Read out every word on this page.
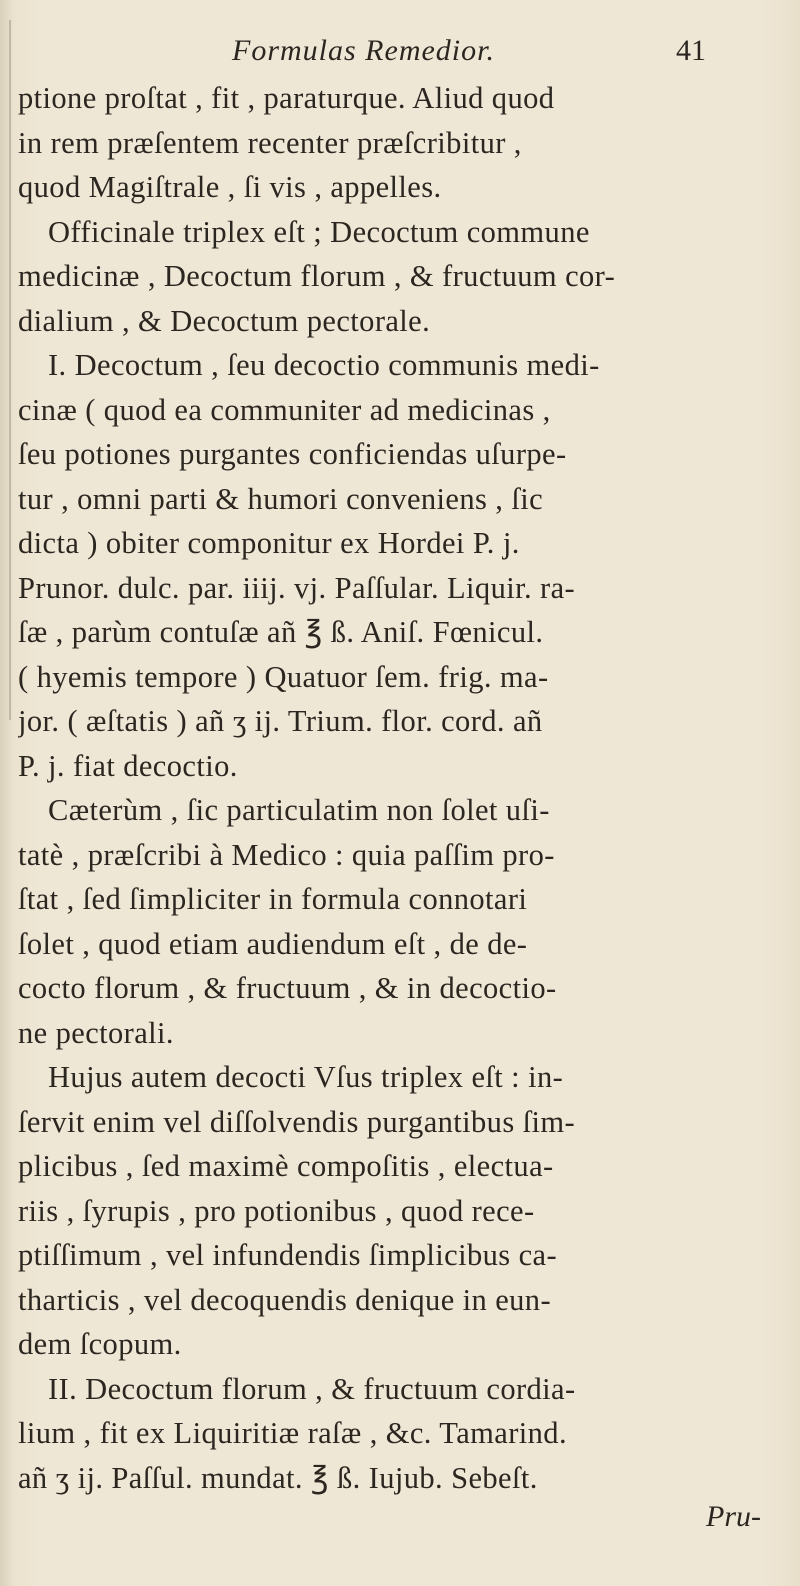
Formulas Remedior.	41
ptione proſtat , fit , paraturque. Aliud quod
in rem præſentem recenter præſcribitur ,
quod Magiſtrale , ſi vis , appelles.
Officinale triplex eſt ; Decoctum commune
medicinæ , Decoctum florum , & fructuum cor-
dialium , & Decoctum pectorale.
I. Decoctum , ſeu decoctio communis medi-
cinæ ( quod ea communiter ad medicinas ,
ſeu potiones purgantes conficiendas uſurpe-
tur , omni parti & humori conveniens , ſic
dicta ) obiter componitur ex Hordei P. j.
Prunor. dulc. par. iiij. vj. Paſſular. Liquir. ra-
ſæ , parùm contuſæ añ ℥ ß. Aniſ. Fœnicul.
( hyemis tempore ) Quatuor ſem. frig. ma-
jor. ( æſtatis ) añ ʒ ij. Trium. flor. cord. añ
P. j. fiat decoctio.
Cæterùm , ſic particulatim non ſolet uſi-
tatè , præſcribi à Medico : quia paſſim pro-
ſtat , ſed ſimpliciter in formula connotari
ſolet , quod etiam audiendum eſt , de de-
cocto florum , & fructuum , & in decoctio-
ne pectorali.
Hujus autem decocti Vſus triplex eſt : in-
ſervit enim vel diſſolvendis purgantibus ſim-
plicibus , ſed maximè compoſitis , electua-
riis , ſyrupis , pro potionibus , quod rece-
ptiſſimum , vel infundendis ſimplicibus ca-
tharticis , vel decoquendis denique in eun-
dem ſcopum.
II. Decoctum florum , & fructuum cordia-
lium , fit ex Liquiritiæ raſæ , &c. Tamarind.
añ ʒ ij. Paſſul. mundat. ℥ ß. Iujub. Sebeſt.
Pru-
